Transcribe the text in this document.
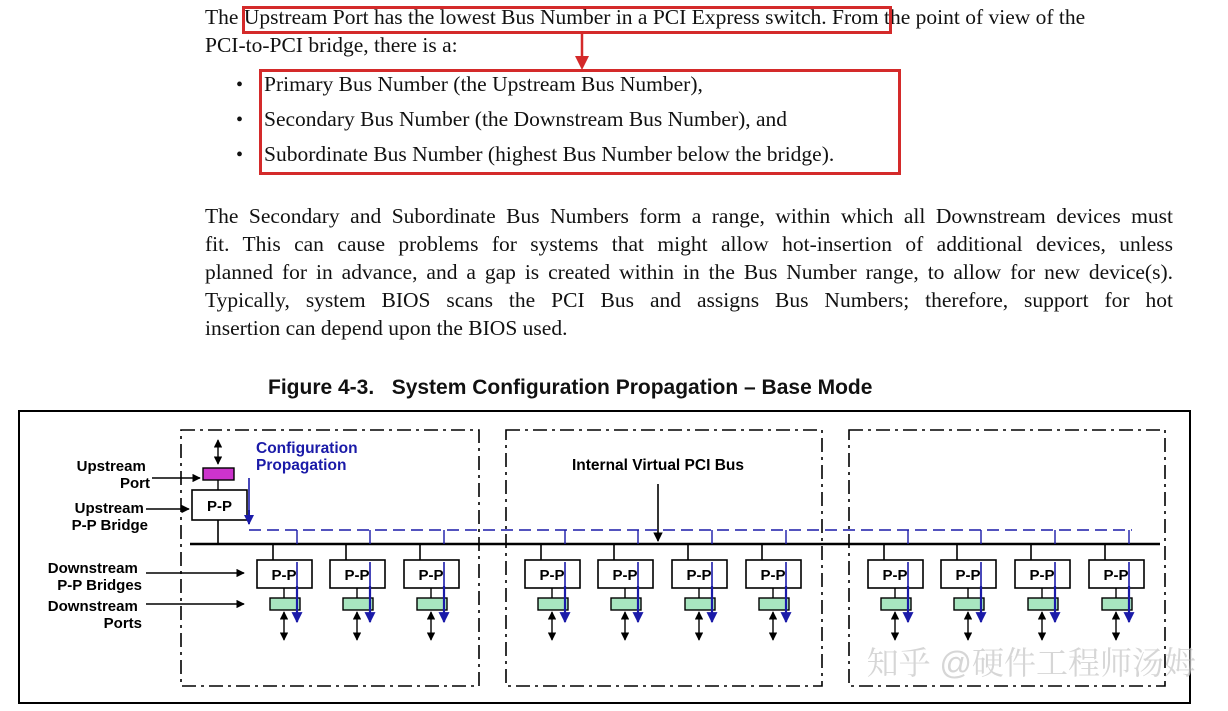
The Upstream Port has the lowest Bus Number in a PCI Express switch. From the point of view of the
PCI-to-PCI bridge, there is a:
• Primary Bus Number (the Upstream Bus Number),
• Secondary Bus Number (the Downstream Bus Number), and
• Subordinate Bus Number (highest Bus Number below the bridge).
The Secondary and Subordinate Bus Numbers form a range, within which all Downstream devices must
fit. This can cause problems for systems that might allow hot-insertion of additional devices, unless
planned for in advance, and a gap is created within in the Bus Number range, to allow for new device(s).
Typically, system BIOS scans the PCI Bus and assigns Bus Numbers; therefore, support for hot
insertion can depend upon the BIOS used.
Figure 4-3.   System Configuration Propagation – Base Mode
P-P
Upstream Port
Upstream P-P Bridge
Downstream P-P Bridges
Downstream Ports
Configuration Propagation	Internal Virtual PCI Bus
P-P	P-P	P-P	P-P	P-P	P-P	P-P	P-P	P-P	P-P	P-P
知乎 @硬件工程师汤姆
